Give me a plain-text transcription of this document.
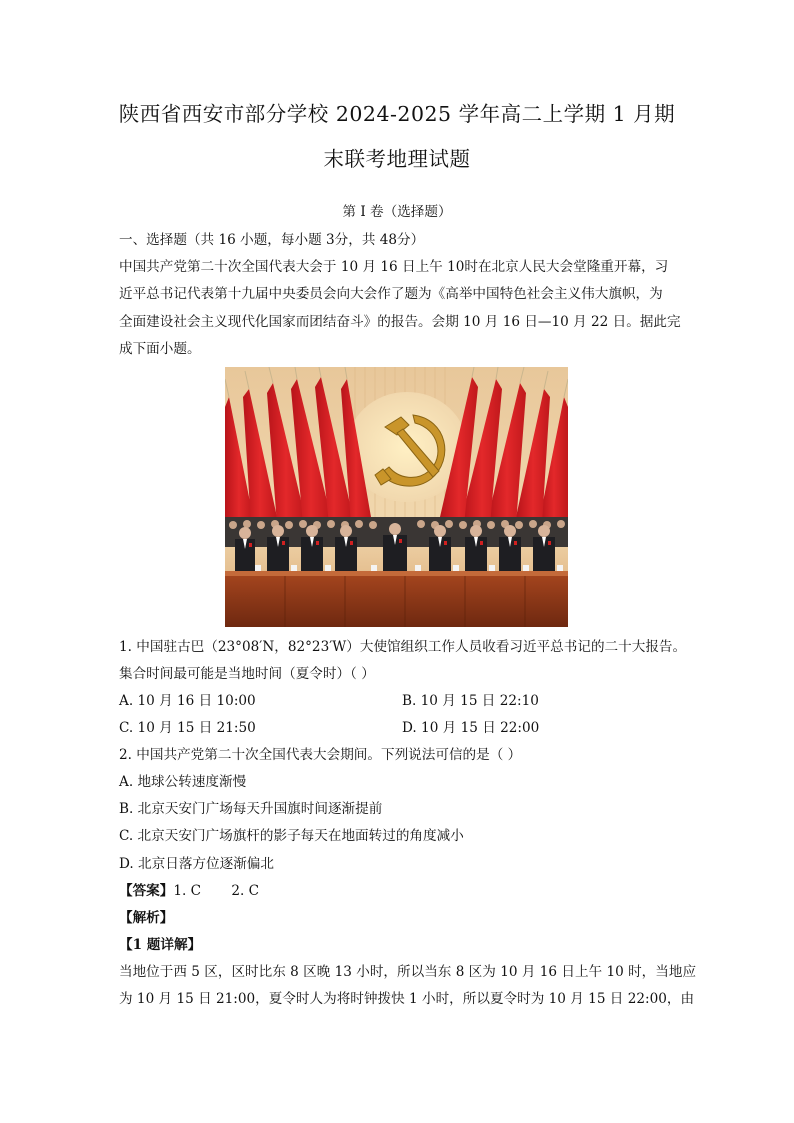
陕西省西安市部分学校 2024-2025 学年高二上学期 1 月期
末联考地理试题
第 I 卷（选择题）
一、选择题（共 16 小题，每小题 3分，共 48分）
中国共产党第二十次全国代表大会于 10 月 16 日上午 10时在北京人民大会堂隆重开幕，习
近平总书记代表第十九届中央委员会向大会作了题为《高举中国特色社会主义伟大旗帜，为
全面建设社会主义现代化国家而团结奋斗》的报告。会期 10 月 16 日—10 月 22 日。据此完
成下面小题。
1. 中国驻古巴（23°08′N，82°23′W）大使馆组织工作人员收看习近平总书记的二十大报告。
集合时间最可能是当地时间（夏令时）（ ）
A. 10 月 16 日 10:00	B. 10 月 15 日 22:10
C. 10 月 15 日 21:50	D. 10 月 15 日 22:00
2. 中国共产党第二十次全国代表大会期间。下列说法可信的是（ ）
A. 地球公转速度渐慢
B. 北京天安门广场每天升国旗时间逐渐提前
C. 北京天安门广场旗杆的影子每天在地面转过的角度减小
D. 北京日落方位逐渐偏北
【答案】1. C       2. C
【解析】
【1 题详解】
当地位于西 5 区，区时比东 8 区晚 13 小时，所以当东 8 区为 10 月 16 日上午 10 时，当地应
为 10 月 15 日 21:00，夏令时人为将时钟拨快 1 小时，所以夏令时为 10 月 15 日 22:00，由
